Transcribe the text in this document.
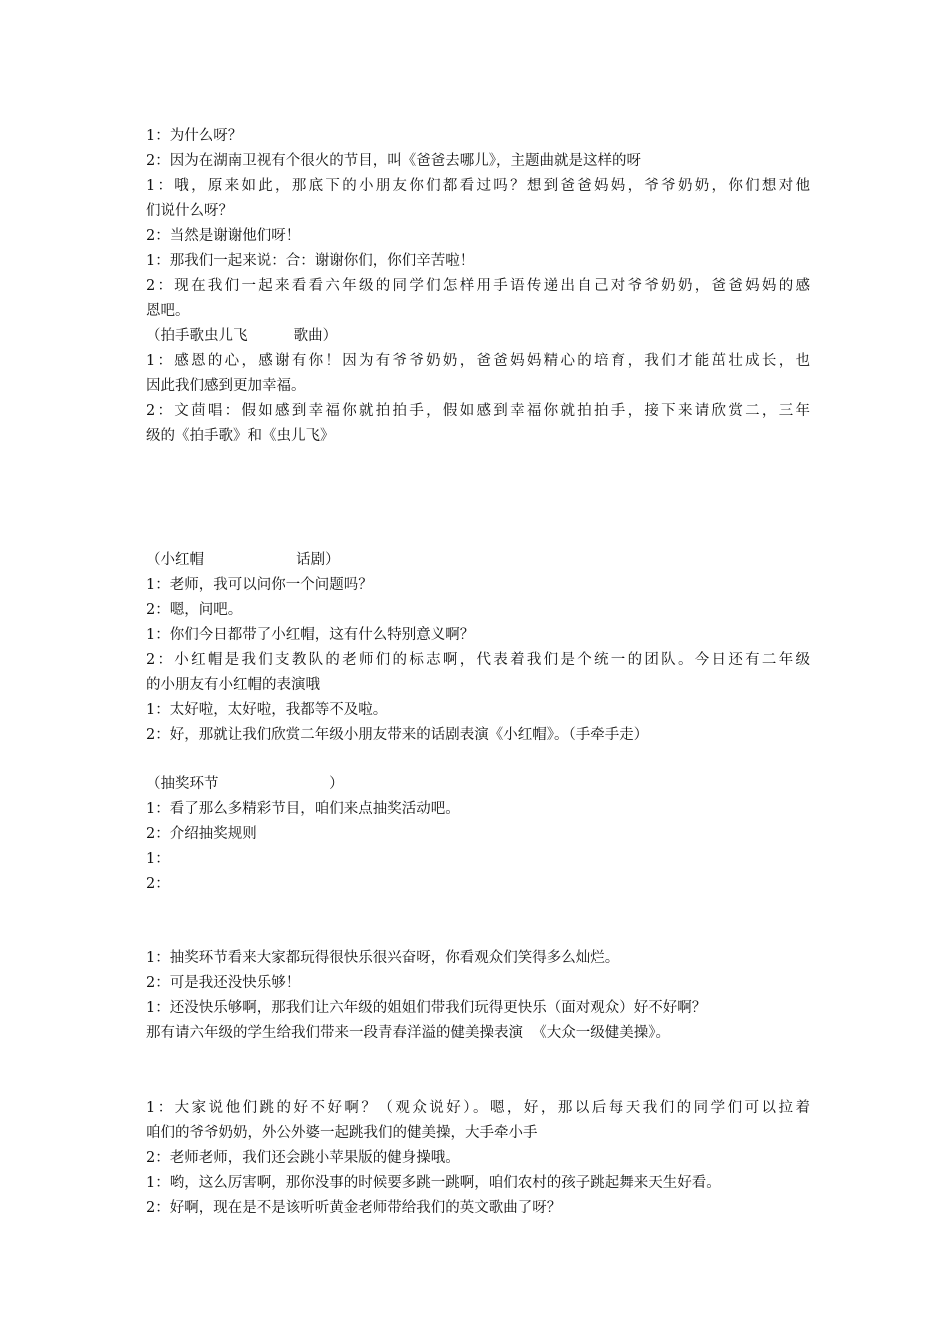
1：为什么呀？
2：因为在湖南卫视有个很火的节目，叫《爸爸去哪儿》，主题曲就是这样的呀
1：哦，原来如此，那底下的小朋友你们都看过吗？想到爸爸妈妈，爷爷奶奶，你们想对他
们说什么呀？
2：当然是谢谢他们呀！
1：那我们一起来说：合：谢谢你们，你们辛苦啦！
2：现在我们一起来看看六年级的同学们怎样用手语传递出自己对爷爷奶奶，爸爸妈妈的感
恩吧。
（拍手歌虫儿飞          歌曲）
1：感恩的心，感谢有你！因为有爷爷奶奶，爸爸妈妈精心的培育，我们才能茁壮成长，也
因此我们感到更加幸福。
2：文茴唱：假如感到幸福你就拍拍手，假如感到幸福你就拍拍手，接下来请欣赏二，三年
级的《拍手歌》和《虫儿飞》
（小红帽                    话剧）
1：老师，我可以问你一个问题吗？
2：嗯，问吧。
1：你们今日都带了小红帽，这有什么特别意义啊？
2：小红帽是我们支教队的老师们的标志啊，代表着我们是个统一的团队。今日还有二年级
的小朋友有小红帽的表演哦
1：太好啦，太好啦，我都等不及啦。
2：好，那就让我们欣赏二年级小朋友带来的话剧表演《小红帽》。（手牵手走）
（抽奖环节                        ）
1：看了那么多精彩节目，咱们来点抽奖活动吧。
2：介绍抽奖规则
1：
2：
1：抽奖环节看来大家都玩得很快乐很兴奋呀，你看观众们笑得多么灿烂。
2：可是我还没快乐够！
1：还没快乐够啊，那我们让六年级的姐姐们带我们玩得更快乐（面对观众）好不好啊？
那有请六年级的学生给我们带来一段青春洋溢的健美操表演  《大众一级健美操》。
1：大家说他们跳的好不好啊？（观众说好）。嗯，好，那以后每天我们的同学们可以拉着
咱们的爷爷奶奶，外公外婆一起跳我们的健美操，大手牵小手
2：老师老师，我们还会跳小苹果版的健身操哦。
1：哟，这么厉害啊，那你没事的时候要多跳一跳啊，咱们农村的孩子跳起舞来天生好看。
2：好啊，现在是不是该听听黄金老师带给我们的英文歌曲了呀？
